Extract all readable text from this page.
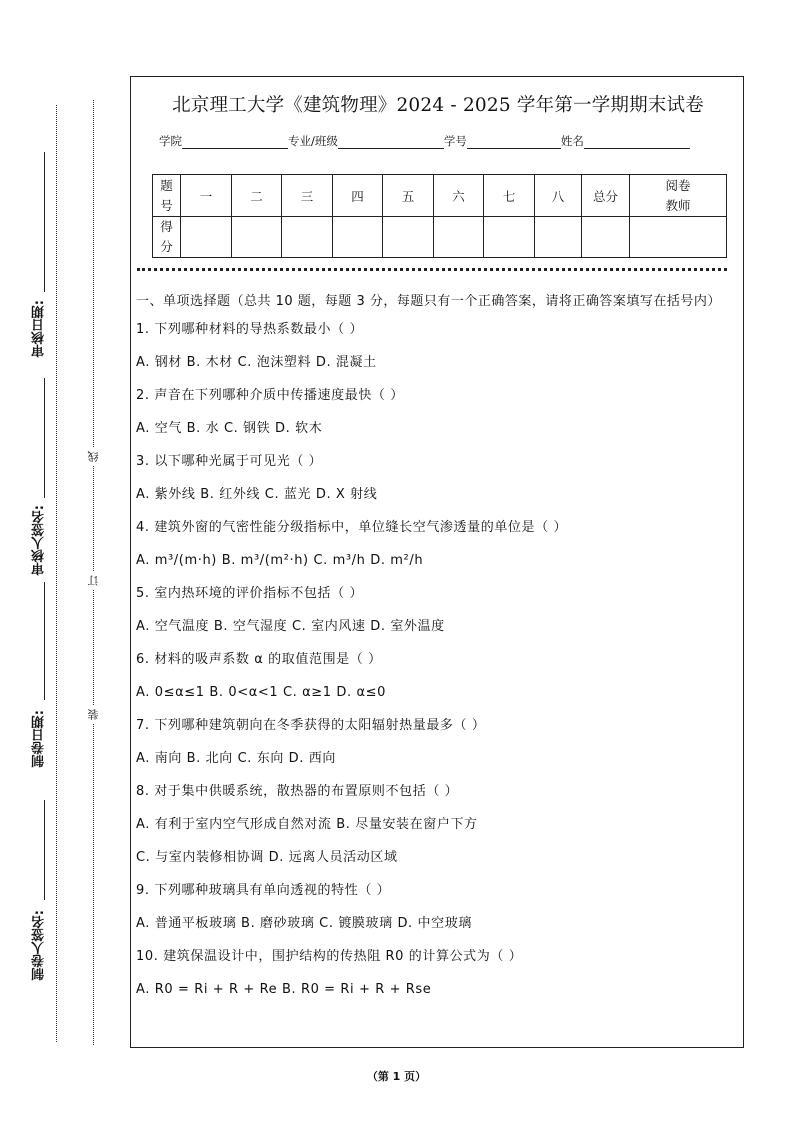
审核日期:
审核人签名:
制卷日期:
制卷人签名:
线
订
装
北京理工大学《建筑物理》2024 - 2025 学年第一学期期末试卷
学院	专业/班级	学号	姓名
题号	一	二	三	四	五	六	七	八	总分	阅卷教师
得分										
一、单项选择题（总共 10 题，每题 3 分，每题只有一个正确答案，请将正确答案填写在括号内）
1. 下列哪种材料的导热系数最小（ ）
A. 钢材 B. 木材 C. 泡沫塑料 D. 混凝土
2. 声音在下列哪种介质中传播速度最快（ ）
A. 空气 B. 水 C. 钢铁 D. 软木
3. 以下哪种光属于可见光（ ）
A. 紫外线 B. 红外线 C. 蓝光 D. X 射线
4. 建筑外窗的气密性能分级指标中，单位缝长空气渗透量的单位是（ ）
A. m³/(m·h) B. m³/(m²·h) C. m³/h D. m²/h
5. 室内热环境的评价指标不包括（ ）
A. 空气温度 B. 空气湿度 C. 室内风速 D. 室外温度
6. 材料的吸声系数 α 的取值范围是（ ）
A. 0≤α≤1 B. 0<α<1 C. α≥1 D. α≤0
7. 下列哪种建筑朝向在冬季获得的太阳辐射热量最多（ ）
A. 南向 B. 北向 C. 东向 D. 西向
8. 对于集中供暖系统，散热器的布置原则不包括（ ）
A. 有利于室内空气形成自然对流 B. 尽量安装在窗户下方
C. 与室内装修相协调 D. 远离人员活动区域
9. 下列哪种玻璃具有单向透视的特性（ ）
A. 普通平板玻璃 B. 磨砂玻璃 C. 镀膜玻璃 D. 中空玻璃
10. 建筑保温设计中，围护结构的传热阻 R0 的计算公式为（ ）
A. R0 = Ri + R + Re B. R0 = Ri + R + Rse
（第 1 页）
